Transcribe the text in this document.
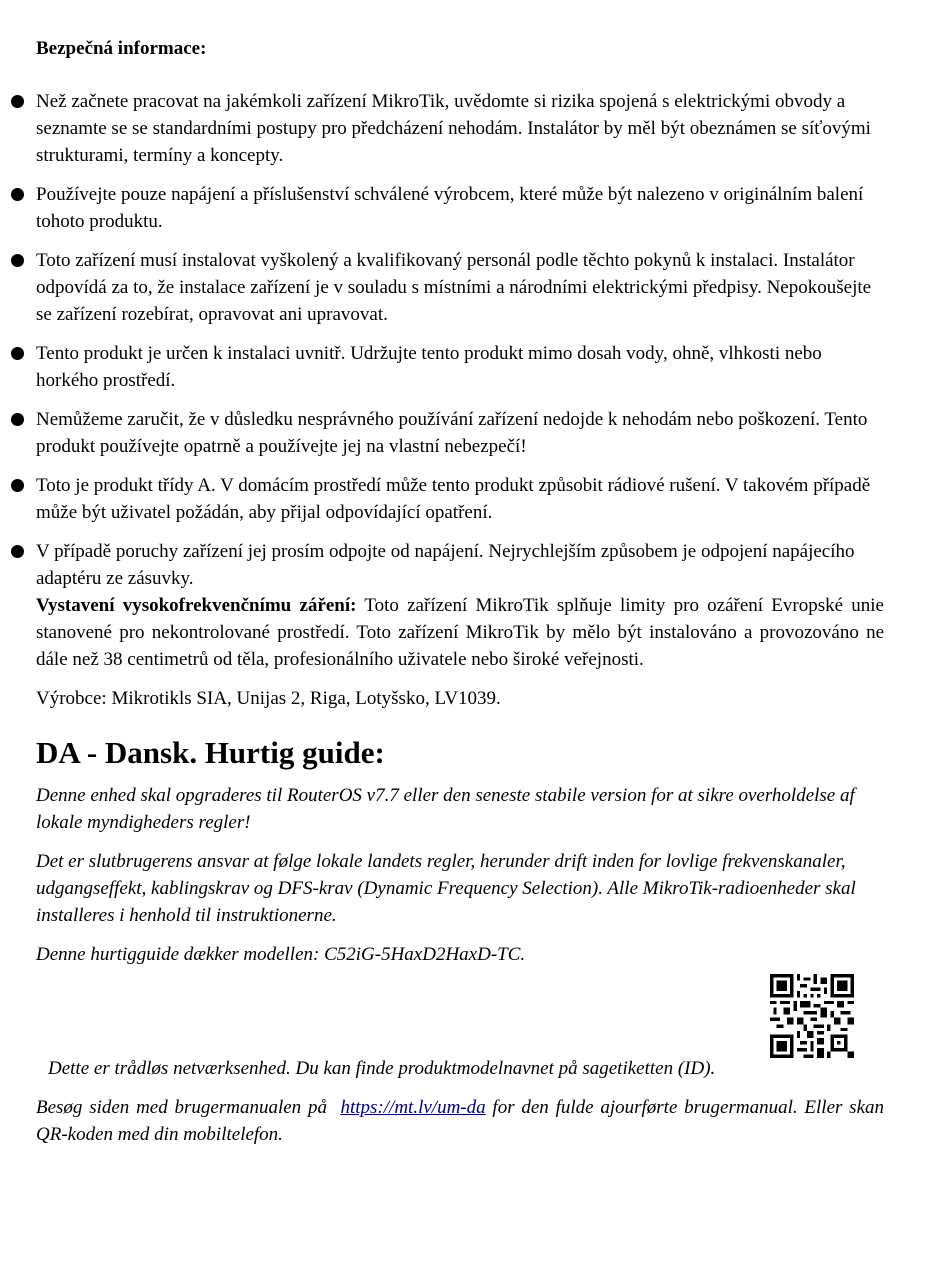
Bezpečná informace:
Než začnete pracovat na jakémkoli zařízení MikroTik, uvědomte si rizika spojená s elektrickými obvody a seznamte se se standardními postupy pro předcházení nehodám. Instalátor by měl být obeznámen se síťovými strukturami, termíny a koncepty.
Používejte pouze napájení a příslušenství schválené výrobcem, které může být nalezeno v originálním balení tohoto produktu.
Toto zařízení musí instalovat vyškolený a kvalifikovaný personál podle těchto pokynů k instalaci. Instalátor odpovídá za to, že instalace zařízení je v souladu s místními a národními elektrickými předpisy. Nepokoušejte se zařízení rozebírat, opravovat ani upravovat.
Tento produkt je určen k instalaci uvnitř. Udržujte tento produkt mimo dosah vody, ohně, vlhkosti nebo horkého prostředí.
Nemůžeme zaručit, že v důsledku nesprávného používání zařízení nedojde k nehodám nebo poškození. Tento produkt používejte opatrně a používejte jej na vlastní nebezpečí!
Toto je produkt třídy A. V domácím prostředí může tento produkt způsobit rádiové rušení. V takovém případě může být uživatel požádán, aby přijal odpovídající opatření.
V případě poruchy zařízení jej prosím odpojte od napájení. Nejrychlejším způsobem je odpojení napájecího adaptéru ze zásuvky.

Vystavení vysokofrekvenčnímu záření: Toto zařízení MikroTik splňuje limity pro ozáření Evropské unie stanovené pro nekontrolované prostředí. Toto zařízení MikroTik by mělo být instalováno a provozováno ne dále než 38 centimetrů od těla, profesionálního uživatele nebo široké veřejnosti.

Výrobce: Mikrotikls SIA, Unijas 2, Riga, Lotyšsko, LV1039.

DA - Dansk. Hurtig guide:

Denne enhed skal opgraderes til RouterOS v7.7 eller den seneste stabile version for at sikre overholdelse af lokale myndigheders regler!

Det er slutbrugerens ansvar at følge lokale landets regler, herunder drift inden for lovlige frekvenskanaler, udgangseffekt, kablingskrav og DFS-krav (Dynamic Frequency Selection). Alle MikroTik-radioenheder skal installeres i henhold til instruktionerne.

Denne hurtigguide dækker modellen: C52iG-5HaxD2HaxD-TC.

Dette er trådløs netværksenhed. Du kan finde produktmodelnavnet på sagetiketten (ID).

Besøg siden med brugermanualen på https://mt.lv/um-da for den fulde ajourførte brugermanual. Eller skan QR-koden med din mobiltelefon.
